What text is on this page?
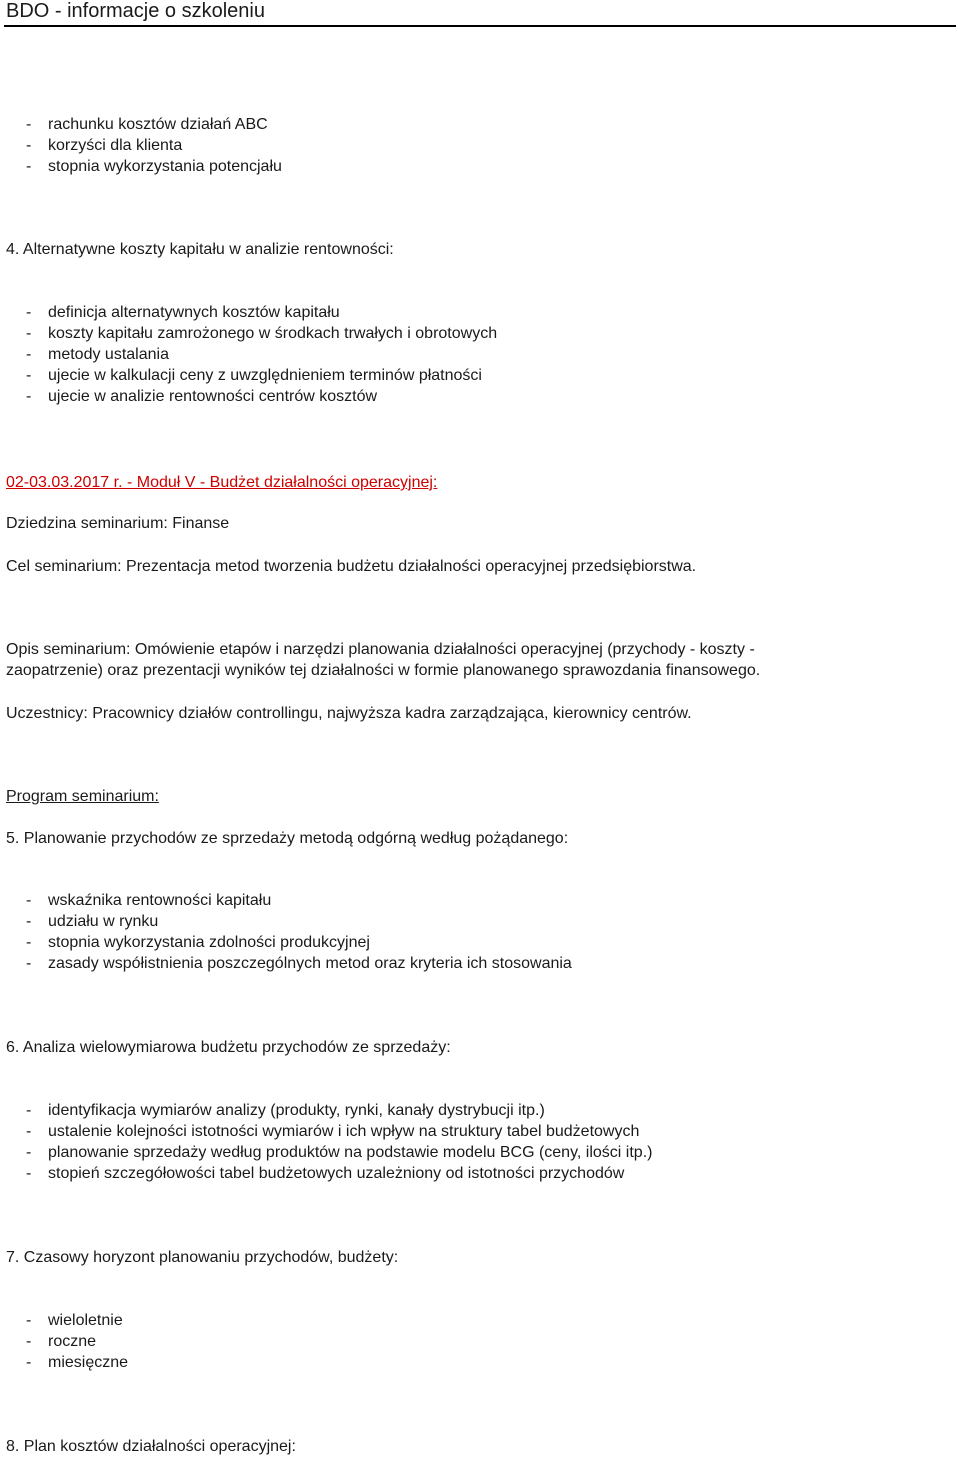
BDO - informacje o szkoleniu
- rachunku kosztów działań ABC
- korzyści dla klienta
- stopnia wykorzystania potencjału
4. Alternatywne koszty kapitału w analizie rentowności:
- definicja alternatywnych kosztów kapitału
- koszty kapitału zamrożonego w środkach trwałych i obrotowych
- metody ustalania
- ujecie w kalkulacji ceny z uwzględnieniem terminów płatności
- ujecie w analizie rentowności centrów kosztów
02-03.03.2017 r. - Moduł V - Budżet działalności operacyjnej:
Dziedzina seminarium: Finanse
Cel seminarium: Prezentacja metod tworzenia budżetu działalności operacyjnej przedsiębiorstwa.
Opis seminarium: Omówienie etapów i narzędzi planowania działalności operacyjnej (przychody - koszty -
zaopatrzenie) oraz prezentacji wyników tej działalności w formie planowanego sprawozdania finansowego.
Uczestnicy: Pracownicy działów controllingu, najwyższa kadra zarządzająca, kierownicy centrów.
Program seminarium:
5. Planowanie przychodów ze sprzedaży metodą odgórną według pożądanego:
- wskaźnika rentowności kapitału
- udziału w rynku
- stopnia wykorzystania zdolności produkcyjnej
- zasady współistnienia poszczególnych metod oraz kryteria ich stosowania
6. Analiza wielowymiarowa budżetu przychodów ze sprzedaży:
- identyfikacja wymiarów analizy (produkty, rynki, kanały dystrybucji itp.)
- ustalenie kolejności istotności wymiarów i ich wpływ na struktury tabel budżetowych
- planowanie sprzedaży według produktów na podstawie modelu BCG (ceny, ilości itp.)
- stopień szczegółowości tabel budżetowych uzależniony od istotności przychodów
7. Czasowy horyzont planowaniu przychodów, budżety:
- wieloletnie
- roczne
- miesięczne
8. Plan kosztów działalności operacyjnej:
